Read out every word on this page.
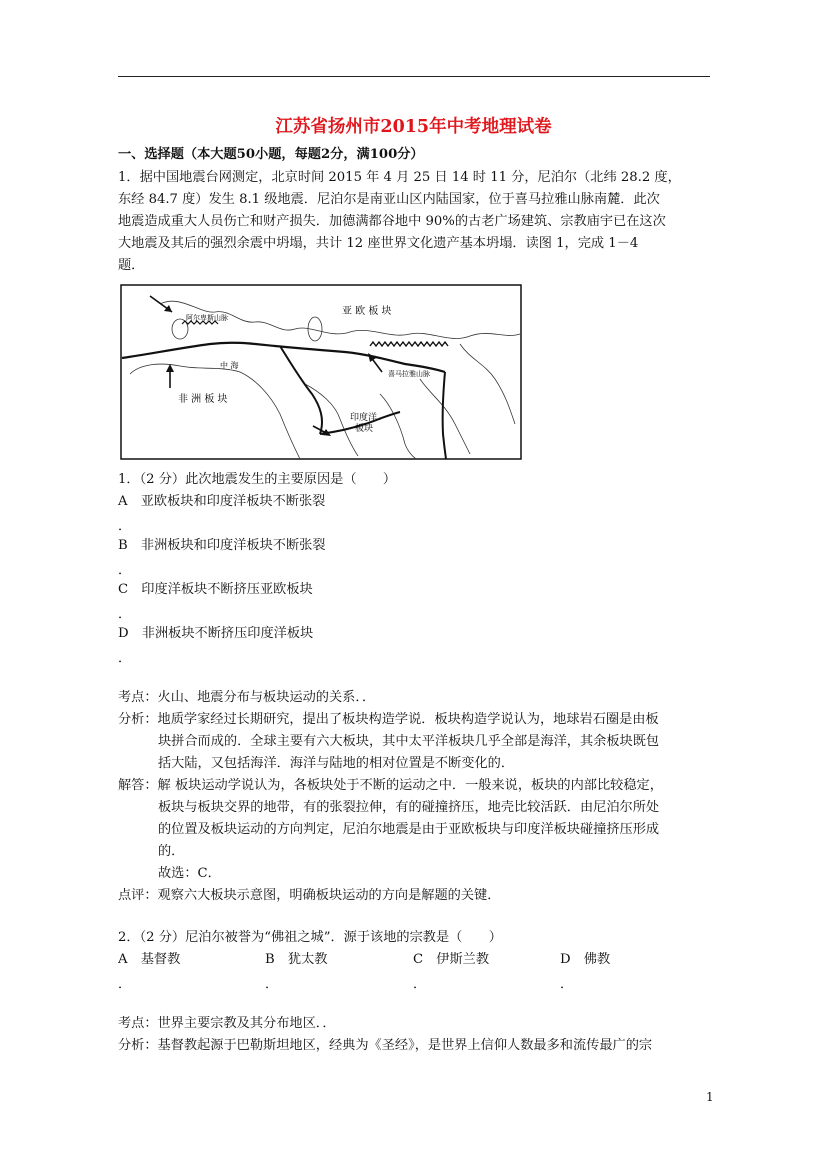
江苏省扬州市2015年中考地理试卷
一、选择题（本大题50小题，每题2分，满100分）
1．据中国地震台网测定，北京时间 2015 年 4 月 25 日 14 时 11 分，尼泊尔（北纬 28.2 度，
东经 84.7 度）发生 8.1 级地震．尼泊尔是南亚山区内陆国家，位于喜马拉雅山脉南麓．此次
地震造成重大人员伤亡和财产损失．加德满都谷地中 90%的古老广场建筑、宗教庙宇已在这次
大地震及其后的强烈余震中坍塌，共计 12 座世界文化遗产基本坍塌．读图 1，完成 1－4
题．
亚 欧 板 块
非 洲 板 块
印度洋
板块
阿尔卑斯山脉
喜马拉雅山脉
中 海
1．（2 分）此次地震发生的主要原因是（　　）
A　亚欧板块和印度洋板块不断张裂
．
B　非洲板块和印度洋板块不断张裂
．
C　印度洋板块不断挤压亚欧板块
．
D　非洲板块不断挤压印度洋板块
．
考点：火山、地震分布与板块运动的关系．．
分析：地质学家经过长期研究，提出了板块构造学说．板块构造学说认为，地球岩石圈是由板
块拼合而成的．全球主要有六大板块，其中太平洋板块几乎全部是海洋，其余板块既包
括大陆，又包括海洋．海洋与陆地的相对位置是不断变化的．
解答：解 板块运动学说认为，各板块处于不断的运动之中．一般来说，板块的内部比较稳定，
板块与板块交界的地带，有的张裂拉伸，有的碰撞挤压，地壳比较活跃．由尼泊尔所处
的位置及板块运动的方向判定，尼泊尔地震是由于亚欧板块与印度洋板块碰撞挤压形成
的．
故选：C．
点评：观察六大板块示意图，明确板块运动的方向是解题的关键．
2．（2 分）尼泊尔被誉为“佛祖之城”．源于该地的宗教是（　　）
A　基督教	B　犹太教	C　伊斯兰教	D　佛教
．	．	．	．
考点：世界主要宗教及其分布地区．．
分析：基督教起源于巴勒斯坦地区，经典为《圣经》，是世界上信仰人数最多和流传最广的宗
1
